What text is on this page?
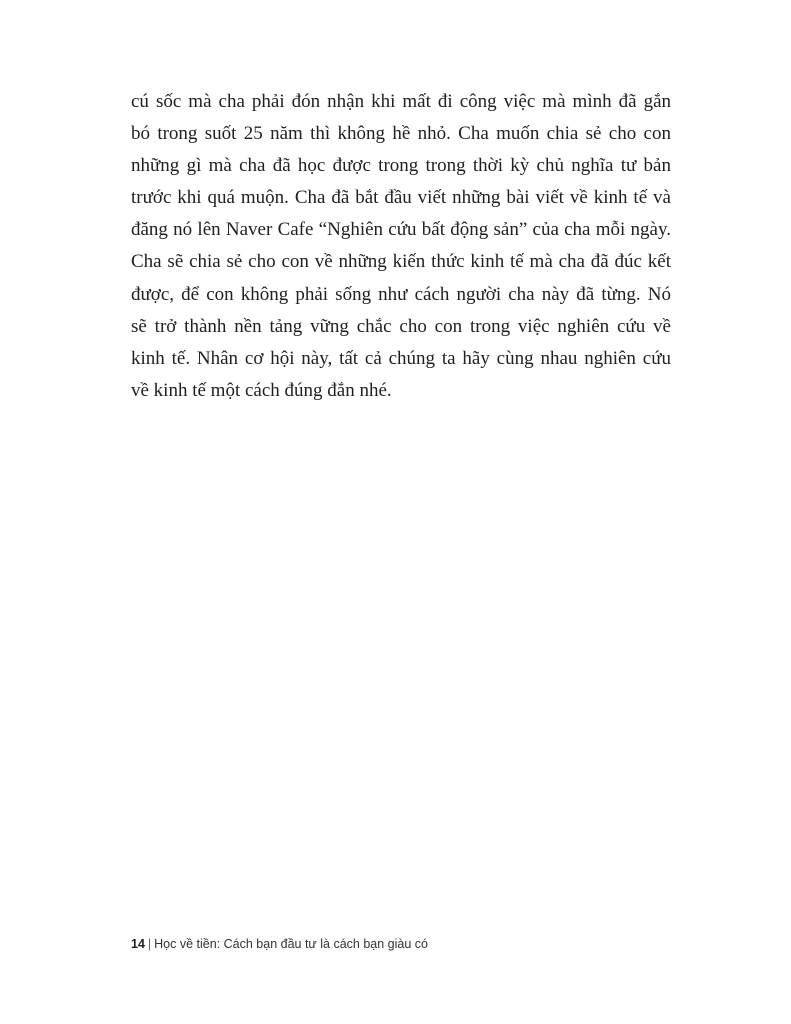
cú sốc mà cha phải đón nhận khi mất đi công việc mà mình đã gắn
bó trong suốt 25 năm thì không hề nhỏ. Cha muốn chia sẻ cho con
những gì mà cha đã học được trong trong thời kỳ chủ nghĩa tư bản
trước khi quá muộn. Cha đã bắt đầu viết những bài viết về kinh tế và
đăng nó lên Naver Cafe “Nghiên cứu bất động sản” của cha mỗi ngày.
Cha sẽ chia sẻ cho con về những kiến thức kinh tế mà cha đã đúc kết
được, để con không phải sống như cách người cha này đã từng. Nó
sẽ trở thành nền tảng vững chắc cho con trong việc nghiên cứu về
kinh tế. Nhân cơ hội này, tất cả chúng ta hãy cùng nhau nghiên cứu
về kinh tế một cách đúng đắn nhé.
14 | Học về tiền: Cách bạn đầu tư là cách bạn giàu có
